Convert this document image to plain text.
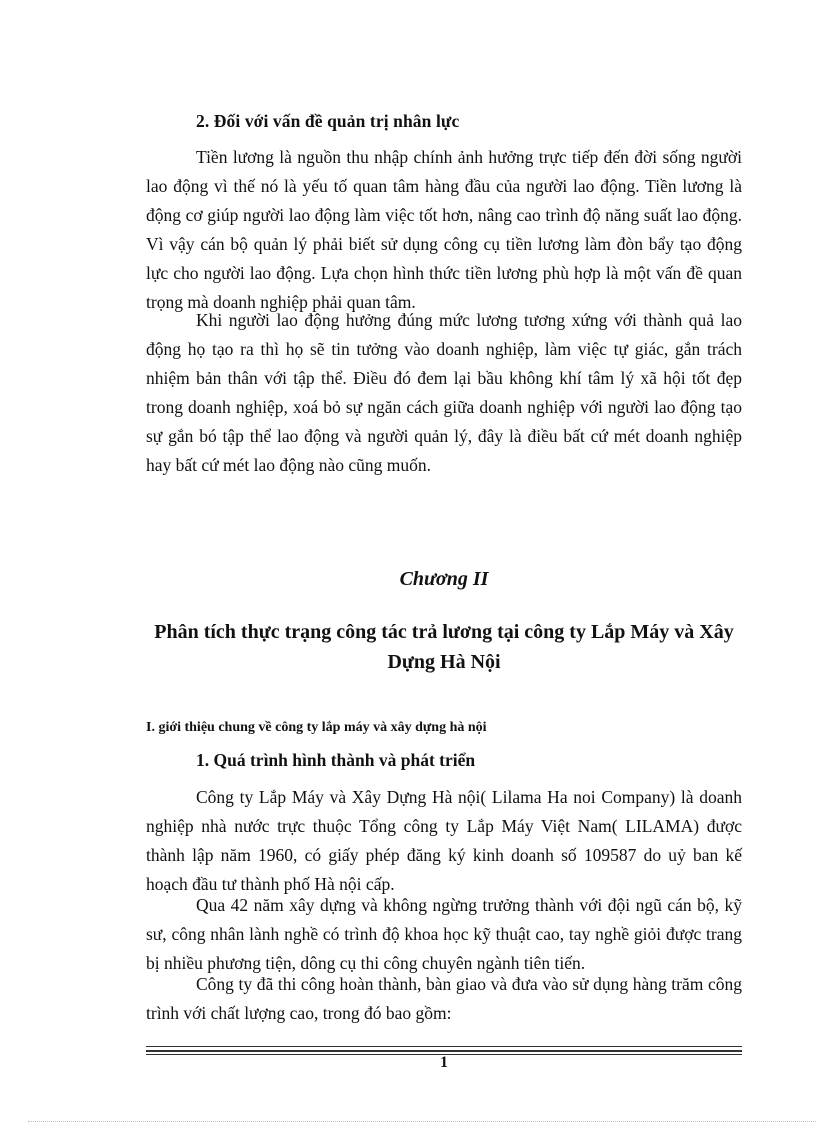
2. Đối với vấn đề quản trị nhân lực

Tiền lương là nguồn thu nhập chính ảnh hưởng trực tiếp đến đời sống người lao động vì thế nó là yếu tố quan tâm hàng đầu của người lao động. Tiền lương là động cơ giúp người lao động làm việc tốt hơn, nâng cao trình độ năng suất lao động. Vì vậy cán bộ quản lý phải biết sử dụng công cụ tiền lương làm đòn bẩy tạo động lực cho người lao động. Lựa chọn hình thức tiền lương phù hợp là một vấn đề quan trọng mà doanh nghiệp phải quan tâm.

Khi người lao động hưởng đúng mức lương tương xứng với thành quả lao động họ tạo ra thì họ sẽ tin tưởng vào doanh nghiệp, làm việc tự giác, gắn trách nhiệm bản thân với tập thể. Điều đó đem lại bầu không khí tâm lý xã hội tốt đẹp trong doanh nghiệp, xoá bỏ sự ngăn cách giữa doanh nghiệp với người lao động tạo sự gắn bó tập thể lao động và người quản lý, đây là điều bất cứ mét doanh nghiệp hay bất cứ mét lao động nào cũng muốn.

Chương II
Phân tích thực trạng công tác trả lương tại công ty Lắp Máy và Xây Dựng Hà Nội
I. giới thiệu chung về công ty lắp máy và xây dựng hà nội
1. Quá trình hình thành và phát triển

Công ty Lắp Máy và Xây Dựng Hà nội( Lilama Ha noi Company) là doanh nghiệp nhà nước trực thuộc Tổng công ty Lắp Máy Việt Nam( LILAMA) được thành lập năm 1960, có giấy phép đăng ký kinh doanh số 109587 do uỷ ban kế hoạch đầu tư thành phố Hà nội cấp.

Qua 42 năm xây dựng và không ngừng trưởng thành với đội ngũ cán bộ, kỹ sư, công nhân lành nghề có trình độ khoa học kỹ thuật cao, tay nghề giỏi được trang bị nhiều phương tiện, dông cụ thi công chuyên ngành tiên tiến.

Công ty đã thi công hoàn thành, bàn giao và đưa vào sử dụng hàng trăm công trình với chất lượng cao, trong đó bao gồm:

1
